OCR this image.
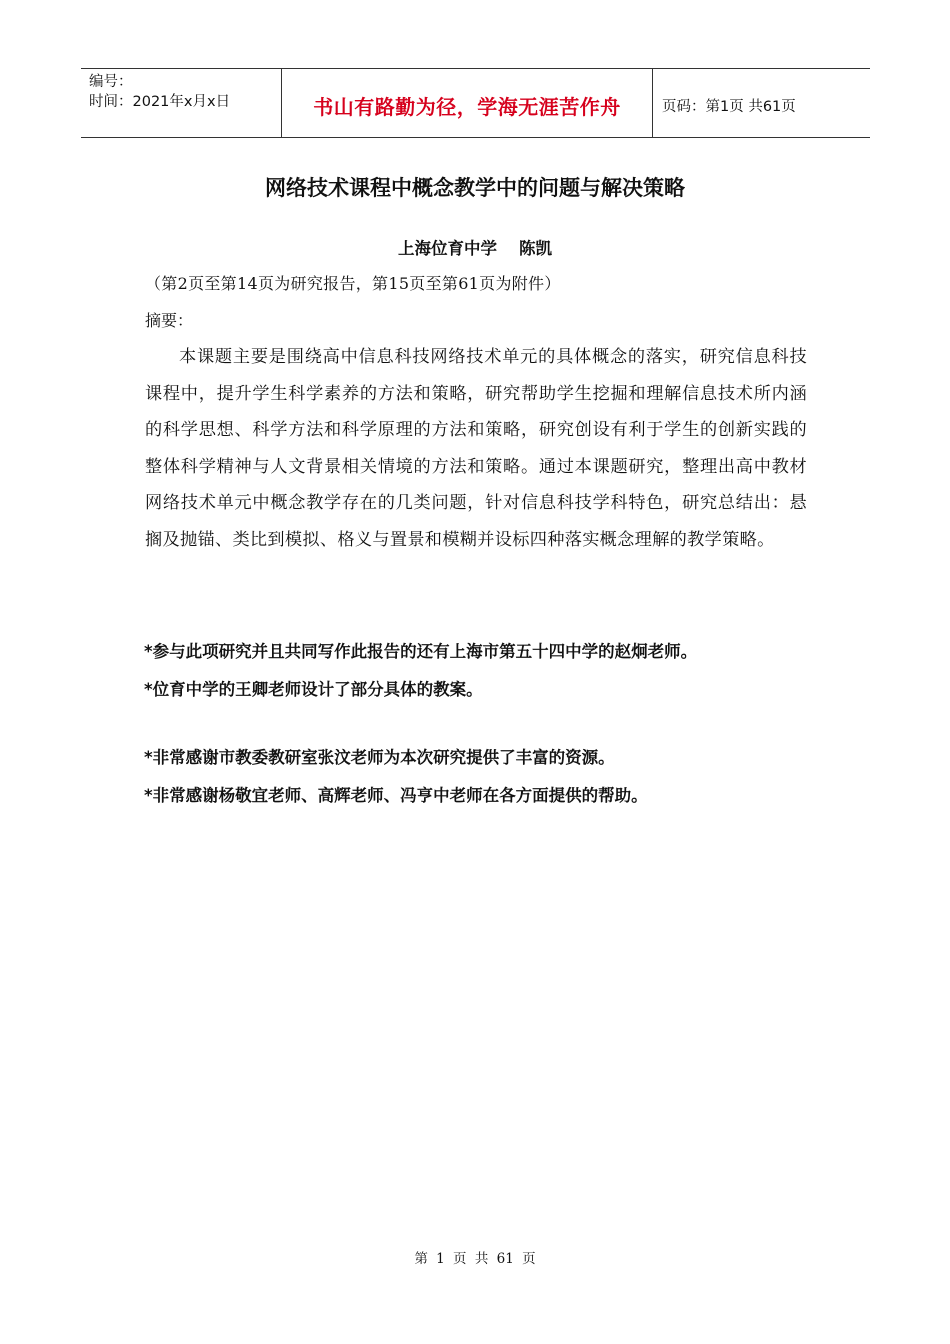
编号：
时间：2021年x月x日	书山有路勤为径，学海无涯苦作舟	页码：第1页 共61页
网络技术课程中概念教学中的问题与解决策略
上海位育中学 陈凯
（第2页至第14页为研究报告，第15页至第61页为附件）
摘要：

本课题主要是围绕高中信息科技网络技术单元的具体概念的落实，研究信息科技课程中，提升学生科学素养的方法和策略，研究帮助学生挖掘和理解信息技术所内涵的科学思想、科学方法和科学原理的方法和策略，研究创设有利于学生的创新实践的整体科学精神与人文背景相关情境的方法和策略。通过本课题研究，整理出高中教材网络技术单元中概念教学存在的几类问题，针对信息科技学科特色，研究总结出：悬搁及抛锚、类比到模拟、格义与置景和模糊并设标四种落实概念理解的教学策略。

*参与此项研究并且共同写作此报告的还有上海市第五十四中学的赵炯老师。
*位育中学的王卿老师设计了部分具体的教案。
*非常感谢市教委教研室张汶老师为本次研究提供了丰富的资源。
*非常感谢杨敬宜老师、高辉老师、冯亨中老师在各方面提供的帮助。
第 1 页 共 61 页
